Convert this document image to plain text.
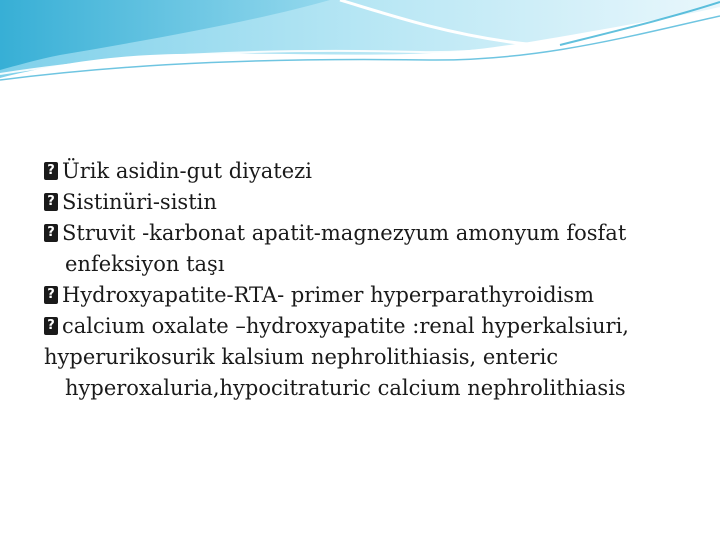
?Ürik asidin-gut diyatezi
?Sistinüri-sistin
?Struvit -karbonat apatit-magnezyum amonyum fosfat
enfeksiyon taşı
?Hydroxyapatite-RTA- primer hyperparathyroidism
?calcium oxalate –hydroxyapatite :renal hyperkalsiuri,
hyperurikosurik kalsium nephrolithiasis, enteric
hyperoxaluria,hypocitraturic calcium nephrolithiasis
